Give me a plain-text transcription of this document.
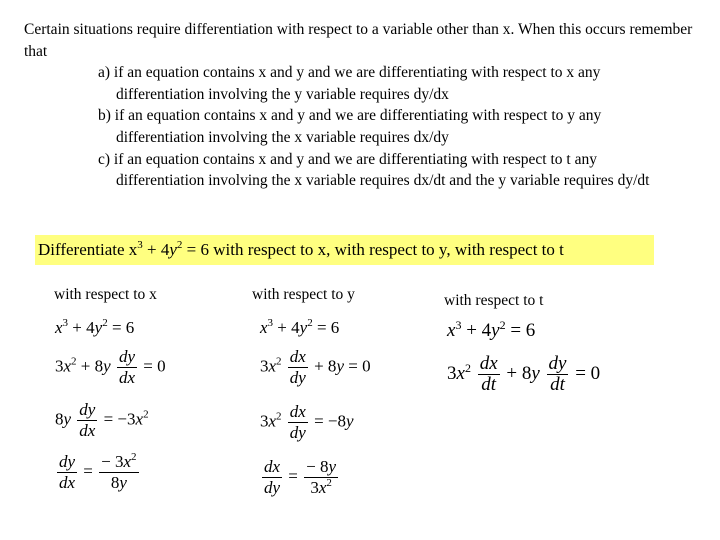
Certain situations require differentiation with respect to a variable other than x. When this occurs remember that

a) if an equation contains x and y and we are differentiating with respect to x any
differentiation involving the y variable requires dy/dx
b) if an equation contains x and y and we are differentiating with respect to y any
differentiation involving the x variable requires dx/dy
c) if an equation contains x and y and we are differentiating with respect to t any
differentiation involving the x variable requires dx/dt and the y variable requires dy/dt
Differentiate $x^3 + 4y^2 = 6$ with respect to x, with respect to y, with respect to t
with respect to x	with respect to y	with respect to t
$x^3 + 4y^2 = 6$
$3x^2 + 8y \frac{dy}{dx} = 0$
$8y \frac{dy}{dx} = -3x^2$
$\frac{dy}{dx} = \frac{- 3x^2}{8y}$
$x^3 + 4y^2 = 6$
$3x^2 \frac{dx}{dy} + 8y = 0$
$3x^2 \frac{dx}{dy} = -8y$
$\frac{dx}{dy} = \frac{- 8y}{3x^2}$
$x^3 + 4y^2 = 6$
$3x^2 \frac{dx}{dt} + 8y \frac{dy}{dt} = 0$
